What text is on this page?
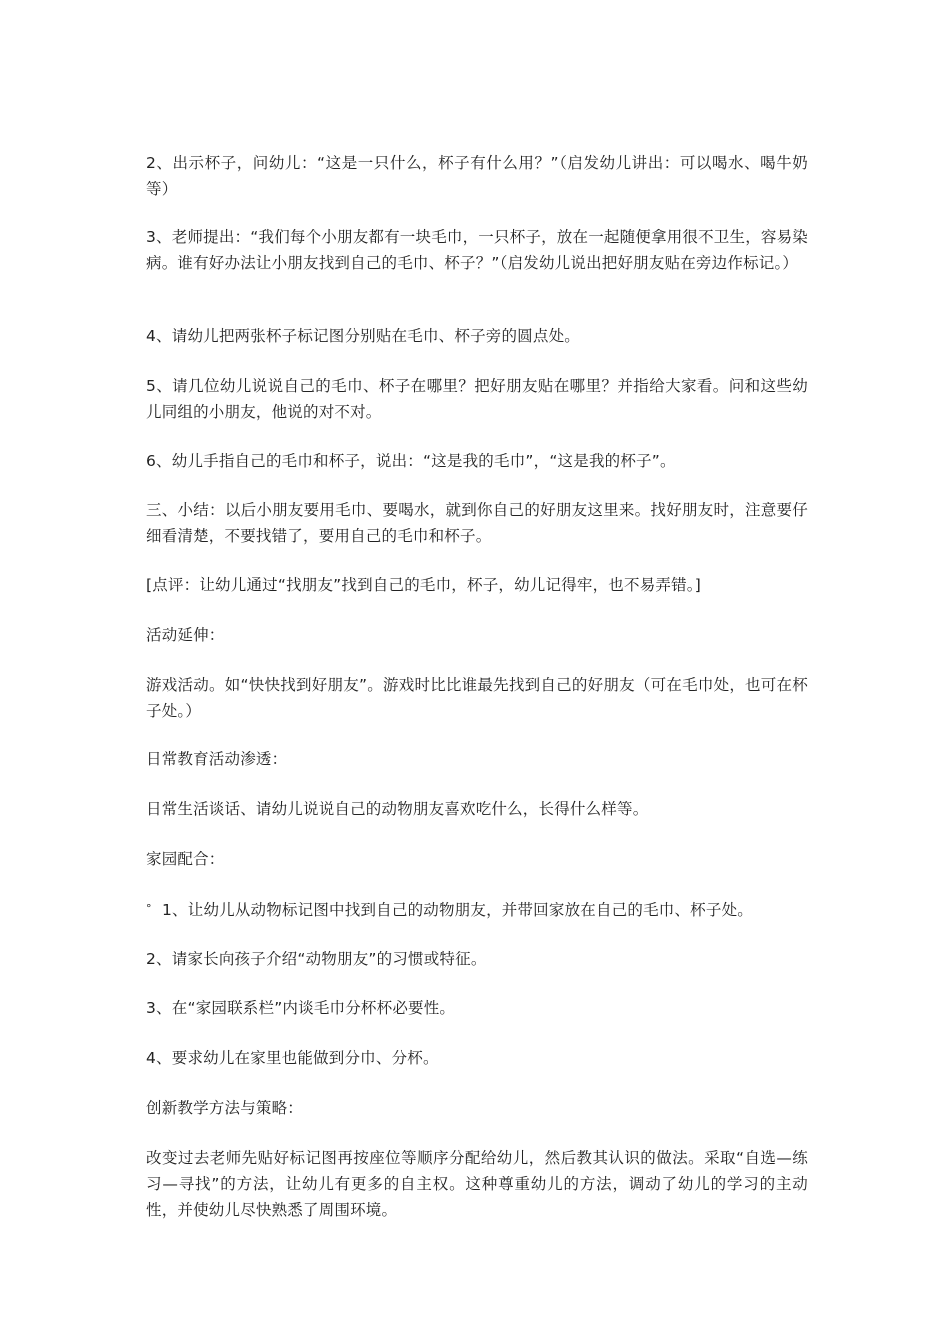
2、出示杯子，问幼儿：“这是一只什么，杯子有什么用？”（启发幼儿讲出：可以喝水、喝牛奶等）

3、老师提出：“我们每个小朋友都有一块毛巾，一只杯子，放在一起随便拿用很不卫生，容易染病。谁有好办法让小朋友找到自己的毛巾、杯子？”（启发幼儿说出把好朋友贴在旁边作标记。）

4、请幼儿把两张杯子标记图分别贴在毛巾、杯子旁的圆点处。

5、请几位幼儿说说自己的毛巾、杯子在哪里？把好朋友贴在哪里？并指给大家看。问和这些幼儿同组的小朋友，他说的对不对。

6、幼儿手指自己的毛巾和杯子，说出：“这是我的毛巾”，“这是我的杯子”。

三、小结：以后小朋友要用毛巾、要喝水，就到你自己的好朋友这里来。找好朋友时，注意要仔细看清楚，不要找错了，要用自己的毛巾和杯子。

[点评：让幼儿通过“找朋友”找到自己的毛巾，杯子，幼儿记得牢，也不易弄错。]

活动延伸：

游戏活动。如“快快找到好朋友”。游戏时比比谁最先找到自己的好朋友（可在毛巾处，也可在杯子处。）

日常教育活动渗透：

日常生活谈话、请幼儿说说自己的动物朋友喜欢吃什么，长得什么样等。

家园配合：

° 1、让幼儿从动物标记图中找到自己的动物朋友，并带回家放在自己的毛巾、杯子处。

2、请家长向孩子介绍“动物朋友”的习惯或特征。

3、在“家园联系栏”内谈毛巾分杯杯必要性。

4、要求幼儿在家里也能做到分巾、分杯。

创新教学方法与策略：

改变过去老师先贴好标记图再按座位等顺序分配给幼儿，然后教其认识的做法。采取“自选—练习—寻找”的方法，让幼儿有更多的自主权。这种尊重幼儿的方法，调动了幼儿的学习的主动性，并使幼儿尽快熟悉了周围环境。
